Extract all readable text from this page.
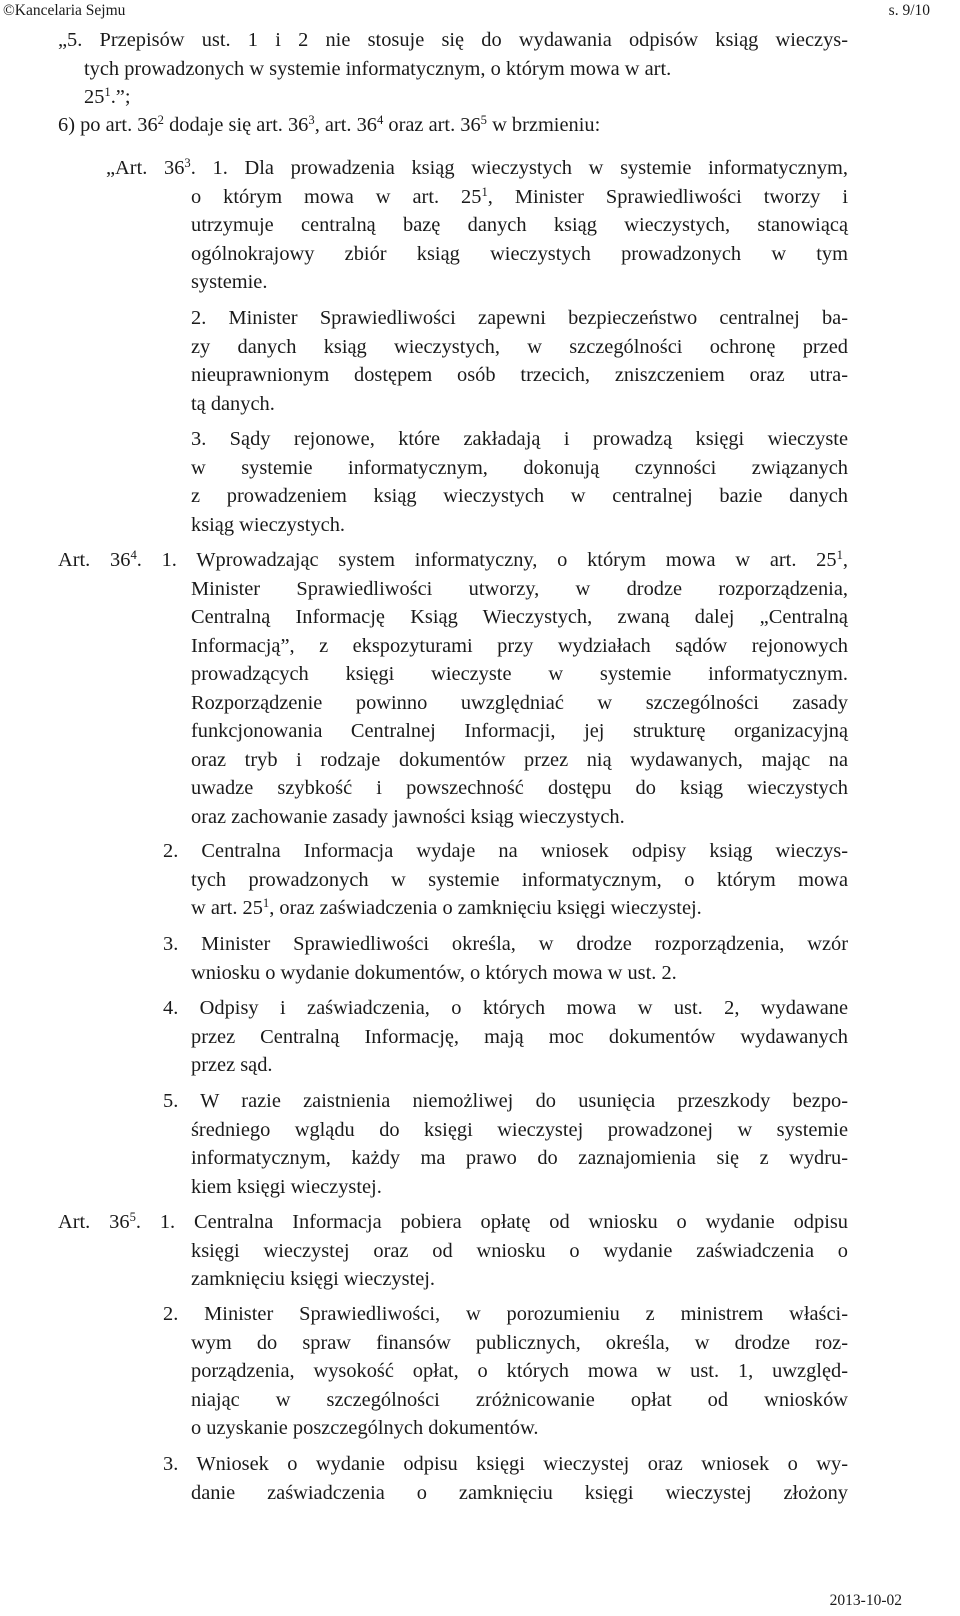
©Kancelaria Sejmu	s. 9/10
„5. Przepisów ust. 1 i 2 nie stosuje się do wydawania odpisów ksiąg wieczys-
tych prowadzonych w systemie informatycznym, o którym mowa w art.
$25^1$.”;
6) po art. $36^2$ dodaje się art. $36^3$, art. $36^4$ oraz art. $36^5$ w brzmieniu:
„Art. $36^3$. 1. Dla prowadzenia ksiąg wieczystych w systemie informatycznym,
o którym mowa w art. $25^1$, Minister Sprawiedliwości tworzy i
utrzymuje centralną bazę danych ksiąg wieczystych, stanowiącą
ogólnokrajowy zbiór ksiąg wieczystych prowadzonych w tym
systemie.
2. Minister Sprawiedliwości zapewni bezpieczeństwo centralnej ba-
zy danych ksiąg wieczystych, w szczególności ochronę przed
nieuprawnionym dostępem osób trzecich, zniszczeniem oraz utra-
tą danych.
3. Sądy rejonowe, które zakładają i prowadzą księgi wieczyste
w systemie informatycznym, dokonują czynności związanych
z prowadzeniem ksiąg wieczystych w centralnej bazie danych
ksiąg wieczystych.
Art. $36^4$. 1. Wprowadzając system informatyczny, o którym mowa w art. $25^1$,
Minister Sprawiedliwości utworzy, w drodze rozporządzenia,
Centralną Informację Ksiąg Wieczystych, zwaną dalej „Centralną
Informacją”, z ekspozyturami przy wydziałach sądów rejonowych
prowadzących księgi wieczyste w systemie informatycznym.
Rozporządzenie powinno uwzględniać w szczególności zasady
funkcjonowania Centralnej Informacji, jej strukturę organizacyjną
oraz tryb i rodzaje dokumentów przez nią wydawanych, mając na
uwadze szybkość i powszechność dostępu do ksiąg wieczystych
oraz zachowanie zasady jawności ksiąg wieczystych.
2. Centralna Informacja wydaje na wniosek odpisy ksiąg wieczys-
tych prowadzonych w systemie informatycznym, o którym mowa
w art. $25^1$, oraz zaświadczenia o zamknięciu księgi wieczystej.
3. Minister Sprawiedliwości określa, w drodze rozporządzenia, wzór
wniosku o wydanie dokumentów, o których mowa w ust. 2.
4. Odpisy i zaświadczenia, o których mowa w ust. 2, wydawane
przez Centralną Informację, mają moc dokumentów wydawanych
przez sąd.
5. W razie zaistnienia niemożliwej do usunięcia przeszkody bezpo-
średniego wglądu do księgi wieczystej prowadzonej w systemie
informatycznym, każdy ma prawo do zaznajomienia się z wydru-
kiem księgi wieczystej.
Art. $36^5$. 1. Centralna Informacja pobiera opłatę od wniosku o wydanie odpisu
księgi wieczystej oraz od wniosku o wydanie zaświadczenia o
zamknięciu księgi wieczystej.
2. Minister Sprawiedliwości, w porozumieniu z ministrem właści-
wym do spraw finansów publicznych, określa, w drodze roz-
porządzenia, wysokość opłat, o których mowa w ust. 1, uwzględ-
niając w szczególności zróżnicowanie opłat od wniosków
o uzyskanie poszczególnych dokumentów.
3. Wniosek o wydanie odpisu księgi wieczystej oraz wniosek o wy-
danie zaświadczenia o zamknięciu księgi wieczystej złożony
2013-10-02
